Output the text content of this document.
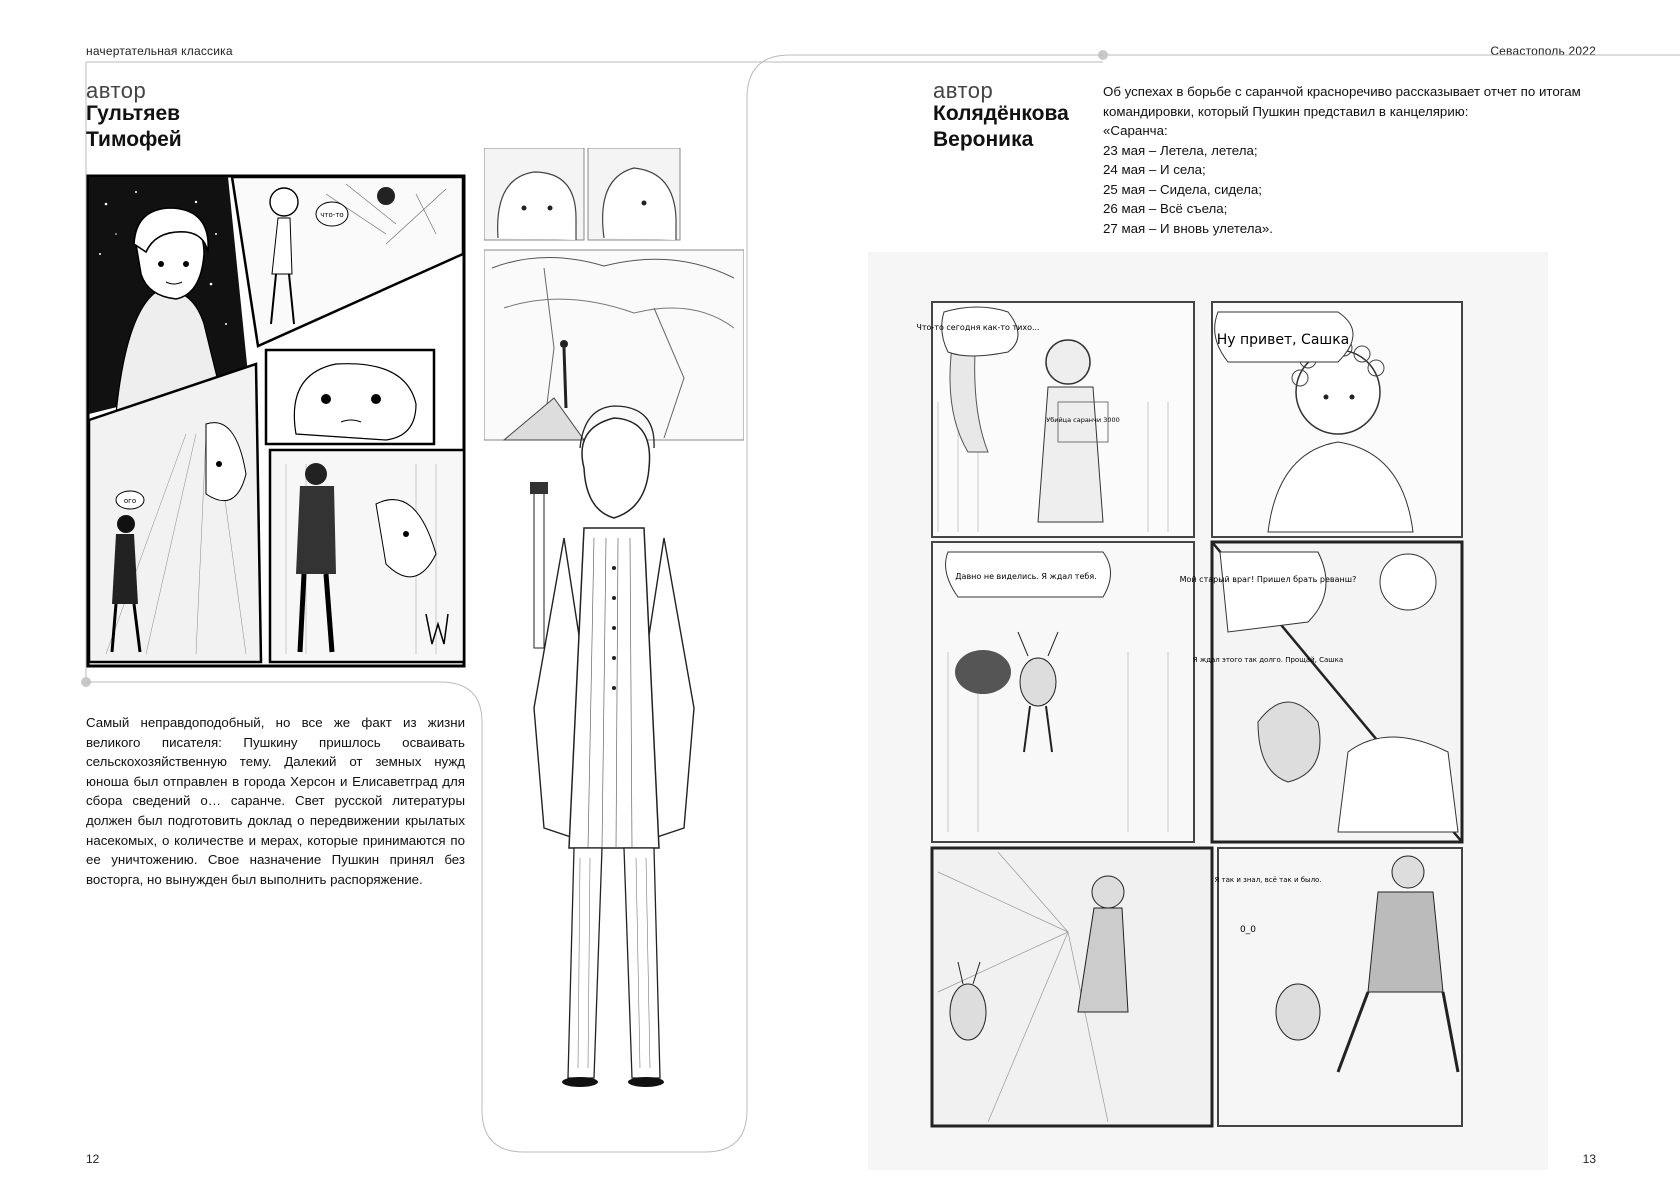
начертательная классика	Севастополь 2022
автор
Гультяев
Тимофей
что-то
ого
Самый неправдоподобный, но все же факт из жизни великого писателя: Пушкину пришлось осваивать сельскохозяйственную тему. Далекий от земных нужд юноша был отправлен в города Херсон и Елисаветград для сбора сведений о… саранче. Свет русской литературы должен был подготовить доклад о передвижении крылатых насекомых, о количестве и мерах, которые принимаются по ее уничтожению. Свое назначение Пушкин принял без восторга, но вынужден был выполнить распоряжение.
12
автор
Колядёнкова
Вероника
Об успехах в борьбе с саранчой красноречиво рассказывает отчет по итогам командировки, который Пушкин представил в канцелярию:
«Саранча:
23 мая – Летела, летела;
24 мая – И села;
25 мая – Сидела, сидела;
26 мая – Всё съела;
27 мая – И вновь улетела».
Что-то сегодня как-то тихо...
Убийца саранчи 3000
Ну привет, Сашка
Давно не виделись. Я ждал тебя.	Мой старый враг! Пришел брать реванш?
Я ждал этого так долго. Прощай, Сашка
Я так и знал, всё так и было.
0_0
13
